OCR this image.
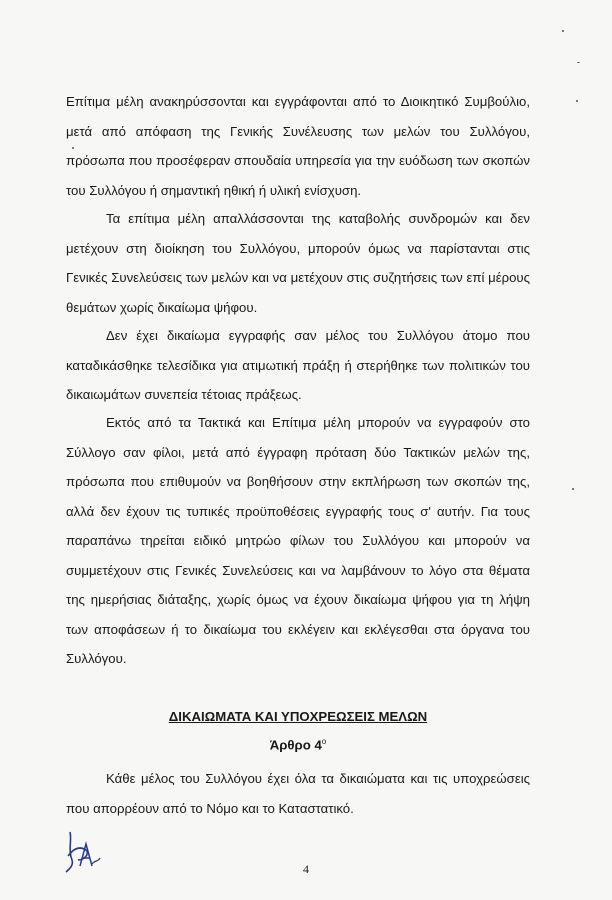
Επίτιμα μέλη ανακηρύσσονται και εγγράφονται από το Διοικητικό Συμβούλιο, μετά από απόφαση της Γενικής Συνέλευσης των μελών του Συλλόγου, πρόσωπα που προσέφεραν σπουδαία υπηρεσία για την ευόδωση των σκοπών του Συλλόγου ή σημαντική ηθική ή υλική ενίσχυση.

Τα επίτιμα μέλη απαλλάσσονται της καταβολής συνδρομών και δεν μετέχουν στη διοίκηση του Συλλόγου, μπορούν όμως να παρίστανται στις Γενικές Συνελεύσεις των μελών και να μετέχουν στις συζητήσεις των επί μέρους θεμάτων χωρίς δικαίωμα ψήφου.

Δεν έχει δικαίωμα εγγραφής σαν μέλος του Συλλόγου άτομο που καταδικάσθηκε τελεσίδικα για ατιμωτική πράξη ή στερήθηκε των πολιτικών του δικαιωμάτων συνεπεία τέτοιας πράξεως.

Εκτός από τα Τακτικά και Επίτιμα μέλη μπορούν να εγγραφούν στο Σύλλογο σαν φίλοι, μετά από έγγραφη πρόταση δύο Τακτικών μελών της, πρόσωπα που επιθυμούν να βοηθήσουν στην εκπλήρωση των σκοπών της, αλλά δεν έχουν τις τυπικές προϋποθέσεις εγγραφής τους σ' αυτήν. Για τους παραπάνω τηρείται ειδικό μητρώο φίλων του Συλλόγου και μπορούν να συμμετέχουν στις Γενικές Συνελεύσεις και να λαμβάνουν το λόγο στα θέματα της ημερήσιας διάταξης, χωρίς όμως να έχουν δικαίωμα ψήφου για τη λήψη των αποφάσεων ή το δικαίωμα του εκλέγειν και εκλέγεσθαι στα όργανα του Συλλόγου.

ΔΙΚΑΙΩΜΑΤΑ ΚΑΙ ΥΠΟΧΡΕΩΣΕΙΣ ΜΕΛΩΝ
Άρθρο $4^o$

Κάθε μέλος του Συλλόγου έχει όλα τα δικαιώματα και τις υποχρεώσεις που απορρέουν από το Νόμο και το Καταστατικό.

4
